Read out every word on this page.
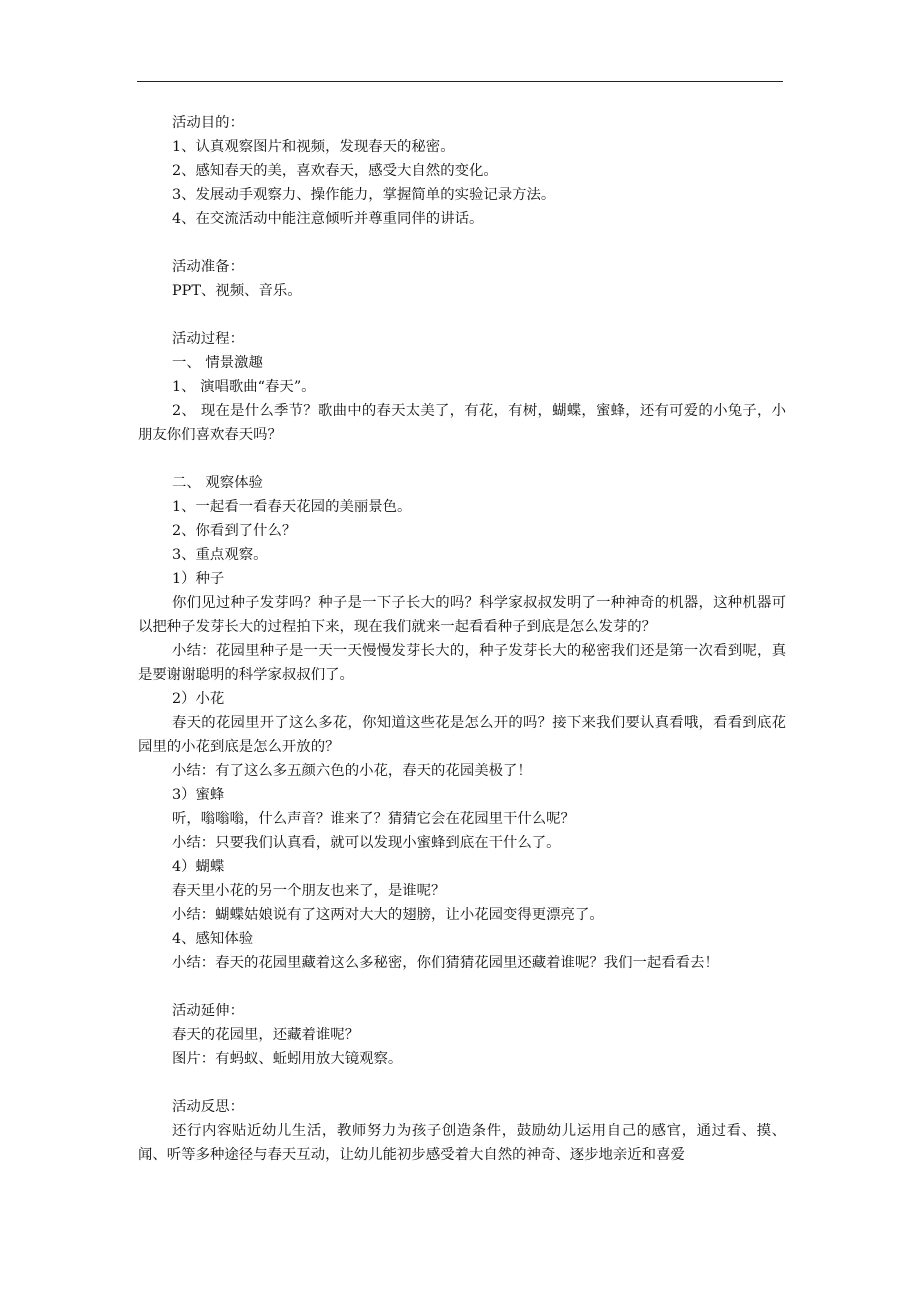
活动目的：
1、认真观察图片和视频，发现春天的秘密。
2、感知春天的美，喜欢春天，感受大自然的变化。
3、发展动手观察力、操作能力，掌握简单的实验记录方法。
4、在交流活动中能注意倾听并尊重同伴的讲话。
活动准备：
PPT、视频、音乐。
活动过程：
一、 情景激趣
1、 演唱歌曲“春天”。
2、 现在是什么季节？歌曲中的春天太美了，有花，有树，蝴蝶，蜜蜂，还有可爱的小兔子，小朋友你们喜欢春天吗？
二、 观察体验
1、一起看一看春天花园的美丽景色。
2、你看到了什么？
3、重点观察。
1）种子
你们见过种子发芽吗？种子是一下子长大的吗？科学家叔叔发明了一种神奇的机器，这种机器可以把种子发芽长大的过程拍下来，现在我们就来一起看看种子到底是怎么发芽的？
小结：花园里种子是一天一天慢慢发芽长大的，种子发芽长大的秘密我们还是第一次看到呢，真是要谢谢聪明的科学家叔叔们了。
2）小花
春天的花园里开了这么多花，你知道这些花是怎么开的吗？接下来我们要认真看哦，看看到底花园里的小花到底是怎么开放的？
小结：有了这么多五颜六色的小花，春天的花园美极了！
3）蜜蜂
听，嗡嗡嗡，什么声音？谁来了？猜猜它会在花园里干什么呢？
小结：只要我们认真看，就可以发现小蜜蜂到底在干什么了。
4）蝴蝶
春天里小花的另一个朋友也来了，是谁呢？
小结：蝴蝶姑娘说有了这两对大大的翅膀，让小花园变得更漂亮了。
4、感知体验
小结：春天的花园里藏着这么多秘密，你们猜猜花园里还藏着谁呢？我们一起看看去！
活动延伸：
春天的花园里，还藏着谁呢？
图片：有蚂蚁、蚯蚓用放大镜观察。
活动反思：
还行内容贴近幼儿生活，教师努力为孩子创造条件，鼓励幼儿运用自己的感官，通过看、摸、闻、听等多种途径与春天互动，让幼儿能初步感受着大自然的神奇、逐步地亲近和喜爱
